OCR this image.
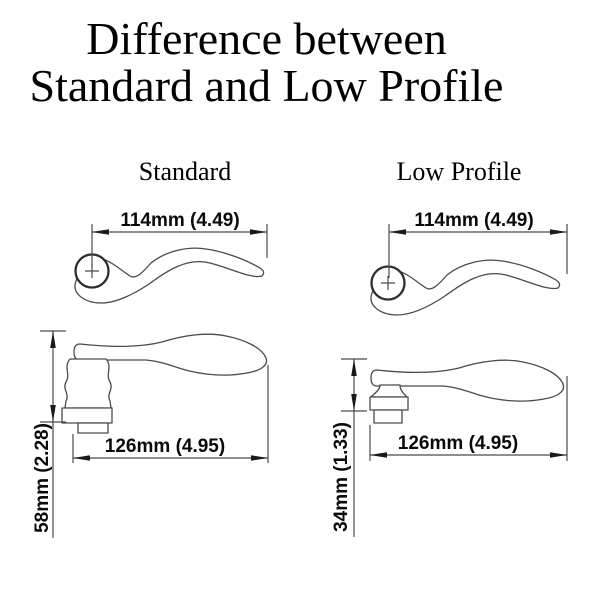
Difference between
Standard and Low Profile
Standard	Low Profile
114mm (4.49)	114mm (4.49)
126mm (4.95)
58mm (2.28)	126mm (4.95)
34mm (1.33)
